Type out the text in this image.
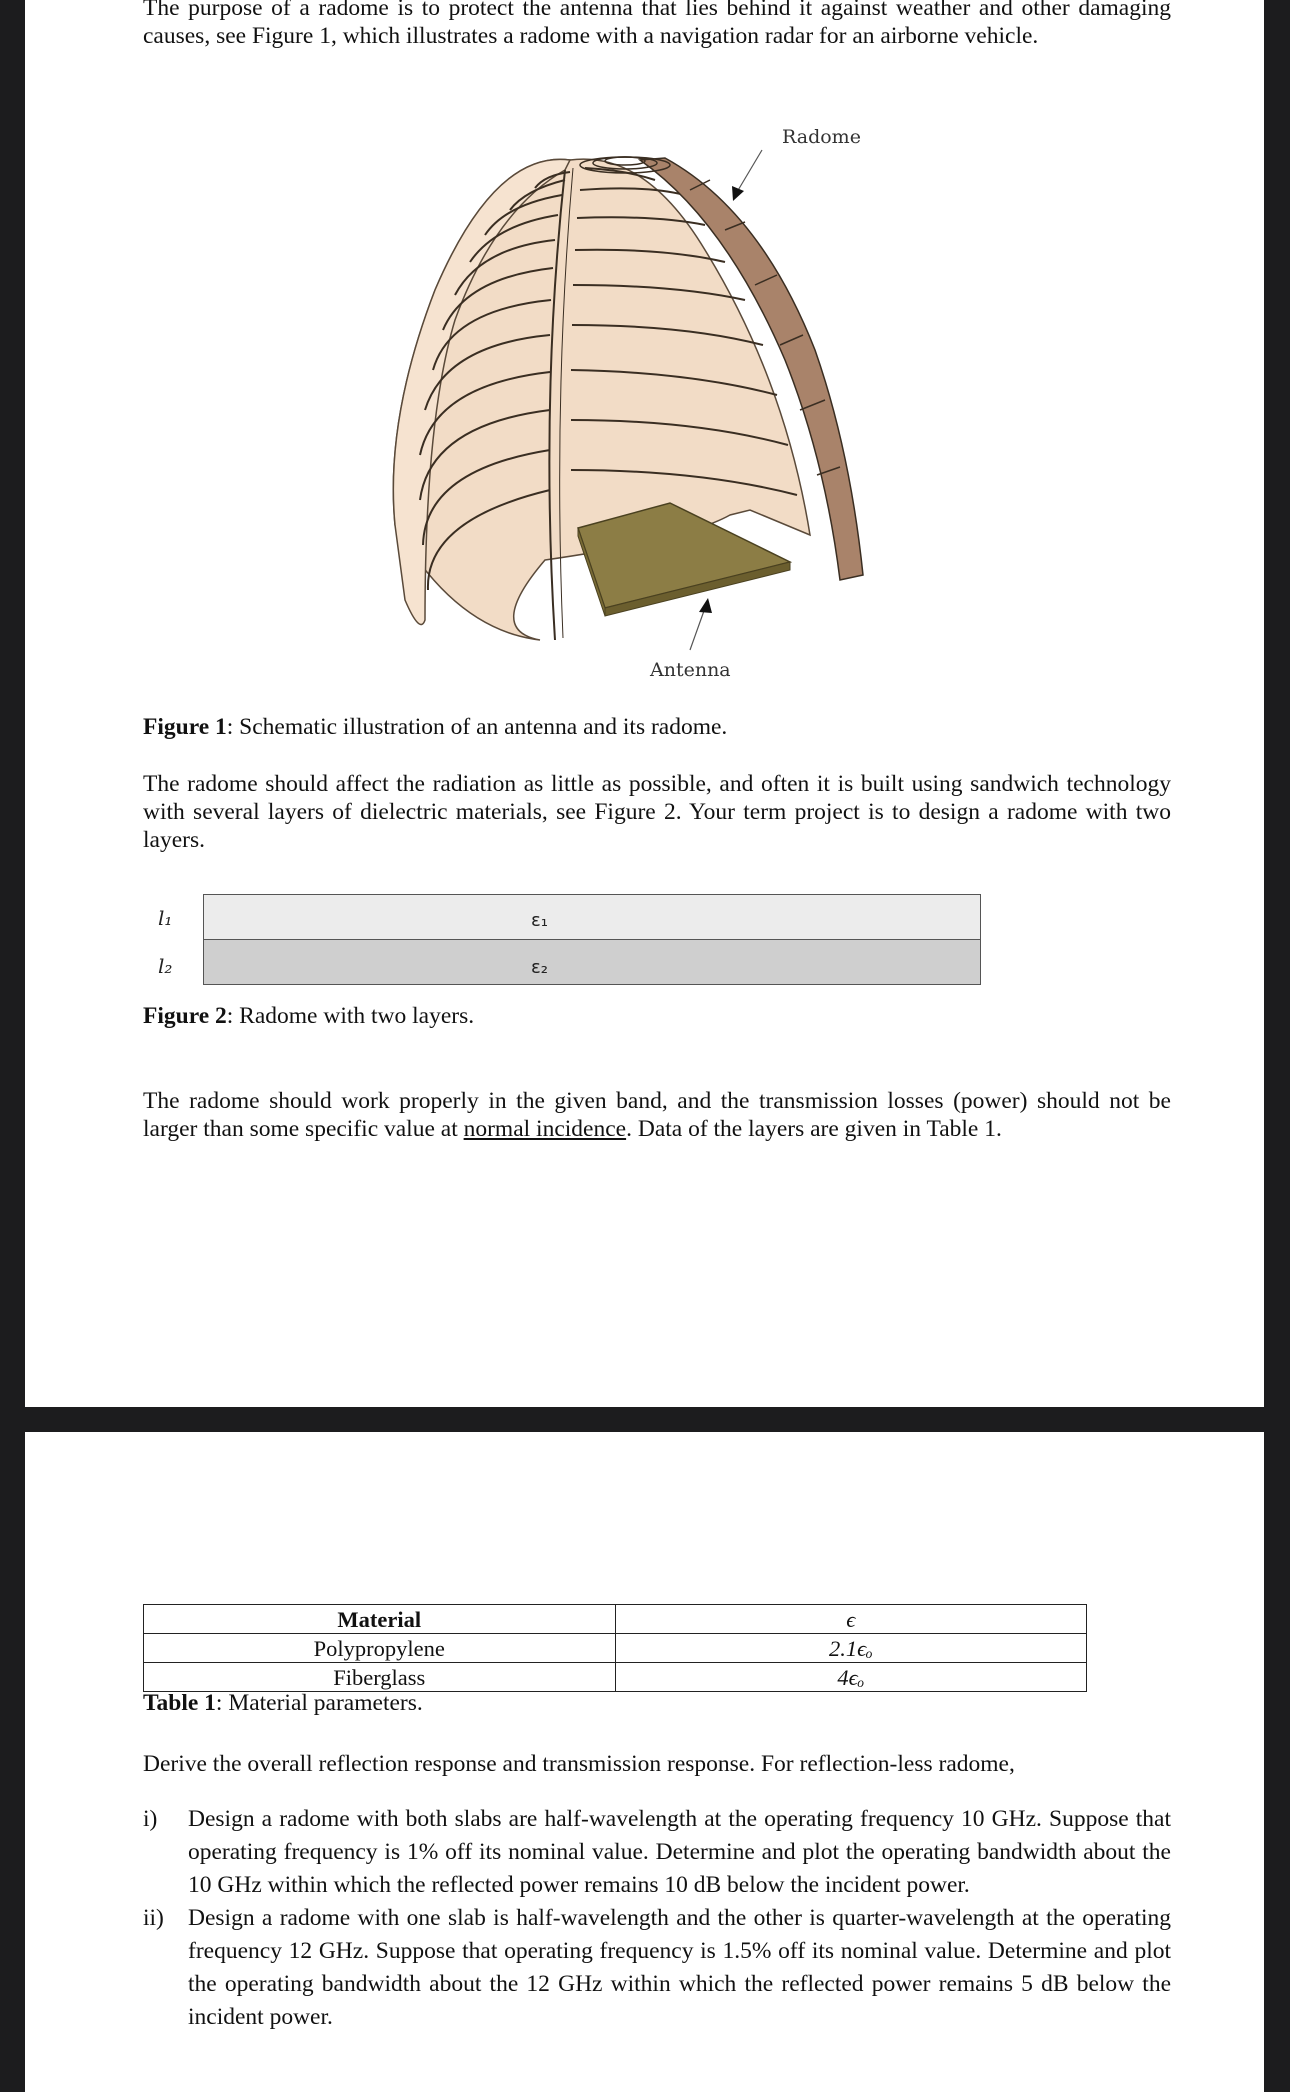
The purpose of a radome is to protect the antenna that lies behind it against weather and other damaging causes, see Figure 1, which illustrates a radome with a navigation radar for an airborne vehicle.

Radome
Antenna

Figure 1: Schematic illustration of an antenna and its radome.

The radome should affect the radiation as little as possible, and often it is built using sandwich technology with several layers of dielectric materials, see Figure 2. Your term project is to design a radome with two layers.

l₁
l₂
ε₁
ε₂

Figure 2: Radome with two layers.

The radome should work properly in the given band, and the transmission losses (power) should not be larger than some specific value at normal incidence. Data of the layers are given in Table 1.

Material	ϵ
Polypropylene	2.1ϵₒ
Fiberglass	4ϵₒ

Table 1: Material parameters.

Derive the overall reflection response and transmission response. For reflection-less radome,

i) Design a radome with both slabs are half-wavelength at the operating frequency 10 GHz. Suppose that operating frequency is 1% off its nominal value. Determine and plot the operating bandwidth about the 10 GHz within which the reflected power remains 10 dB below the incident power.
ii) Design a radome with one slab is half-wavelength and the other is quarter-wavelength at the operating frequency 12 GHz. Suppose that operating frequency is 1.5% off its nominal value. Determine and plot the operating bandwidth about the 12 GHz within which the reflected power remains 5 dB below the incident power.
